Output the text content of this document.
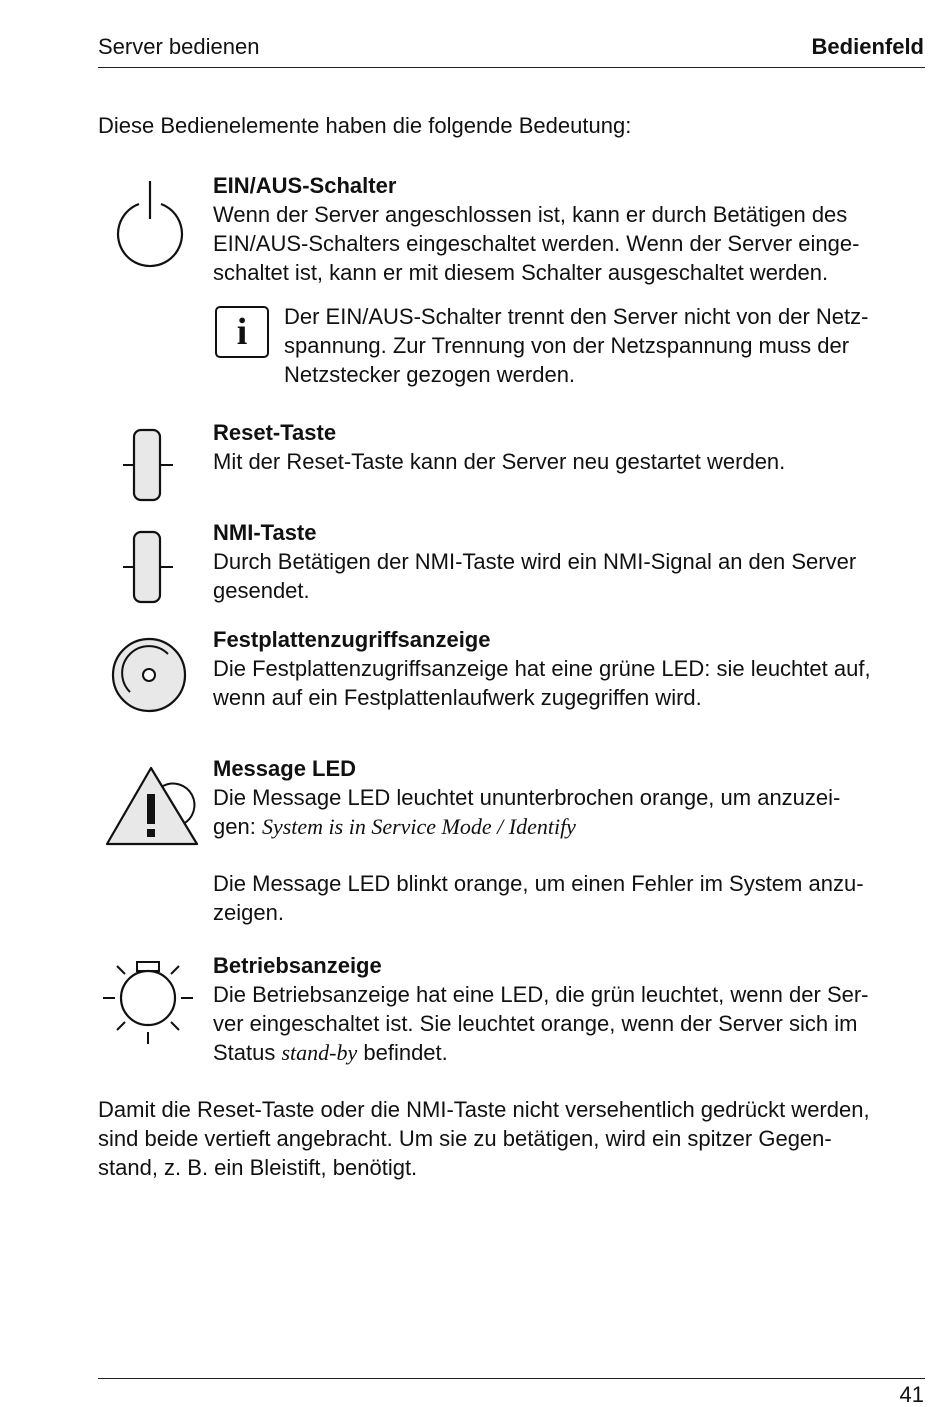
Server bedienen	Bedienfeld
Diese Bedienelemente haben die folgende Bedeutung:
EIN/AUS-Schalter
Wenn der Server angeschlossen ist, kann er durch Betätigen des
EIN/AUS-Schalters eingeschaltet werden. Wenn der Server einge-
schaltet ist, kann er mit diesem Schalter ausgeschaltet werden.
i	Der EIN/AUS-Schalter trennt den Server nicht von der Netz-
spannung. Zur Trennung von der Netzspannung muss der
Netzstecker gezogen werden.
Reset-Taste
Mit der Reset-Taste kann der Server neu gestartet werden.
NMI-Taste
Durch Betätigen der NMI-Taste wird ein NMI-Signal an den Server
gesendet.
Festplattenzugriffsanzeige
Die Festplattenzugriffsanzeige hat eine grüne LED: sie leuchtet auf,
wenn auf ein Festplattenlaufwerk zugegriffen wird.
Message LED
Die Message LED leuchtet ununterbrochen orange, um anzuzei-
gen: System is in Service Mode / Identify
Die Message LED blinkt orange, um einen Fehler im System anzu-
zeigen.
Betriebsanzeige
Die Betriebsanzeige hat eine LED, die grün leuchtet, wenn der Ser-
ver eingeschaltet ist. Sie leuchtet orange, wenn der Server sich im
Status stand-by befindet.
Damit die Reset-Taste oder die NMI-Taste nicht versehentlich gedrückt werden,
sind beide vertieft angebracht. Um sie zu betätigen, wird ein spitzer Gegen-
stand, z. B. ein Bleistift, benötigt.
41
